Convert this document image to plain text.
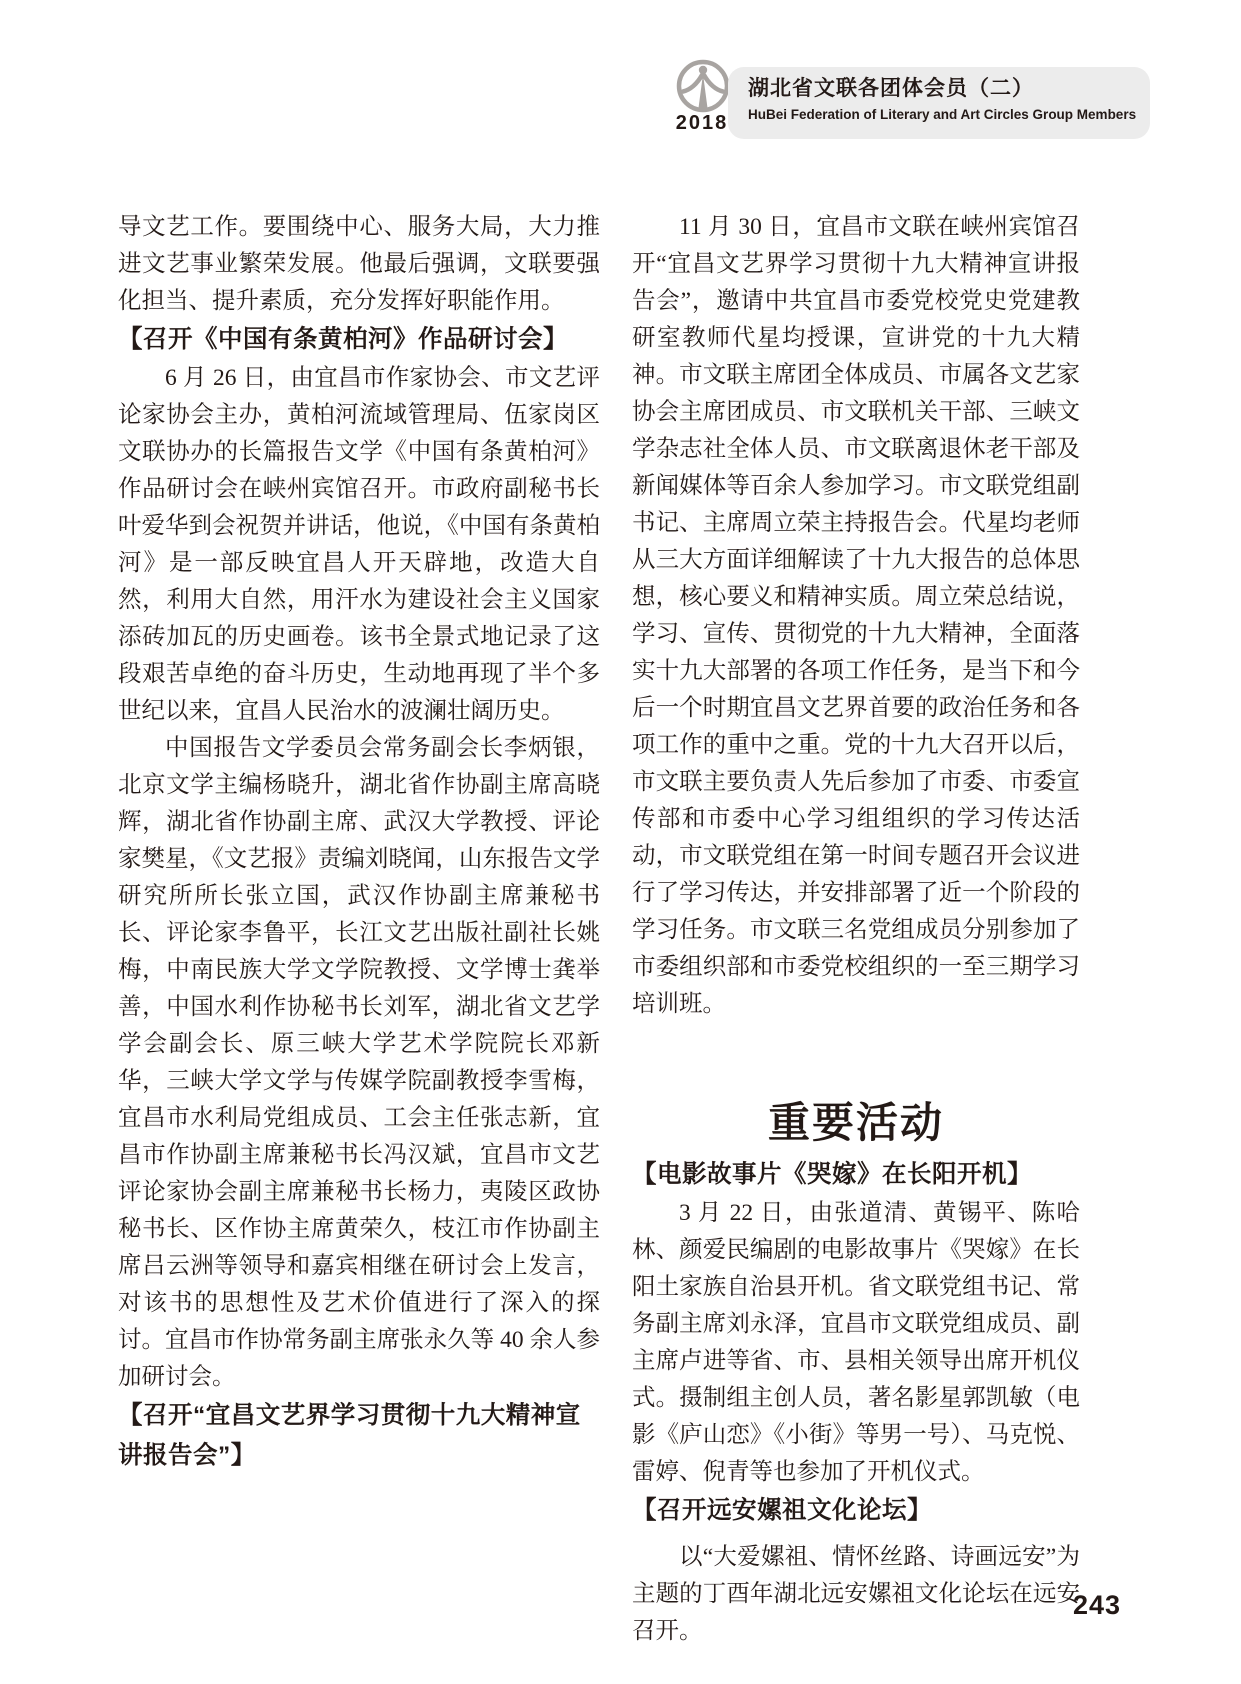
2018
湖北省文联各团体会员（二）
HuBei Federation of Literary and Art Circles Group Members

导文艺工作。要围绕中心、服务大局，大力推进文艺事业繁荣发展。他最后强调，文联要强化担当、提升素质，充分发挥好职能作用。

【召开《中国有条黄柏河》作品研讨会】

6 月 26 日，由宜昌市作家协会、市文艺评论家协会主办，黄柏河流域管理局、伍家岗区文联协办的长篇报告文学《中国有条黄柏河》作品研讨会在峡州宾馆召开。市政府副秘书长叶爱华到会祝贺并讲话，他说，《中国有条黄柏河》是一部反映宜昌人开天辟地，改造大自然，利用大自然，用汗水为建设社会主义国家添砖加瓦的历史画卷。该书全景式地记录了这段艰苦卓绝的奋斗历史，生动地再现了半个多世纪以来，宜昌人民治水的波澜壮阔历史。

中国报告文学委员会常务副会长李炳银，北京文学主编杨晓升，湖北省作协副主席高晓辉，湖北省作协副主席、武汉大学教授、评论家樊星，《文艺报》责编刘晓闻，山东报告文学研究所所长张立国，武汉作协副主席兼秘书长、评论家李鲁平，长江文艺出版社副社长姚梅，中南民族大学文学院教授、文学博士龚举善，中国水利作协秘书长刘军，湖北省文艺学学会副会长、原三峡大学艺术学院院长邓新华，三峡大学文学与传媒学院副教授李雪梅，宜昌市水利局党组成员、工会主任张志新，宜昌市作协副主席兼秘书长冯汉斌，宜昌市文艺评论家协会副主席兼秘书长杨力，夷陵区政协秘书长、区作协主席黄荣久，枝江市作协副主席吕云洲等领导和嘉宾相继在研讨会上发言，对该书的思想性及艺术价值进行了深入的探讨。宜昌市作协常务副主席张永久等 40 余人参加研讨会。

【召开“宜昌文艺界学习贯彻十九大精神宣讲报告会”】

11 月 30 日，宜昌市文联在峡州宾馆召开“宜昌文艺界学习贯彻十九大精神宣讲报告会”，邀请中共宜昌市委党校党史党建教研室教师代星均授课，宣讲党的十九大精神。市文联主席团全体成员、市属各文艺家协会主席团成员、市文联机关干部、三峡文学杂志社全体人员、市文联离退休老干部及新闻媒体等百余人参加学习。市文联党组副书记、主席周立荣主持报告会。代星均老师从三大方面详细解读了十九大报告的总体思想，核心要义和精神实质。周立荣总结说，学习、宣传、贯彻党的十九大精神，全面落实十九大部署的各项工作任务，是当下和今后一个时期宜昌文艺界首要的政治任务和各项工作的重中之重。党的十九大召开以后，市文联主要负责人先后参加了市委、市委宣传部和市委中心学习组组织的学习传达活动，市文联党组在第一时间专题召开会议进行了学习传达，并安排部署了近一个阶段的学习任务。市文联三名党组成员分别参加了市委组织部和市委党校组织的一至三期学习培训班。

重要活动
【电影故事片《哭嫁》在长阳开机】

3 月 22 日，由张道清、黄锡平、陈哈林、颜爱民编剧的电影故事片《哭嫁》在长阳土家族自治县开机。省文联党组书记、常务副主席刘永泽，宜昌市文联党组成员、副主席卢进等省、市、县相关领导出席开机仪式。摄制组主创人员，著名影星郭凯敏（电影《庐山恋》《小街》等男一号）、马克悦、雷婷、倪青等也参加了开机仪式。

【召开远安嫘祖文化论坛】

以“大爱嫘祖、情怀丝路、诗画远安”为主题的丁酉年湖北远安嫘祖文化论坛在远安召开。

243
